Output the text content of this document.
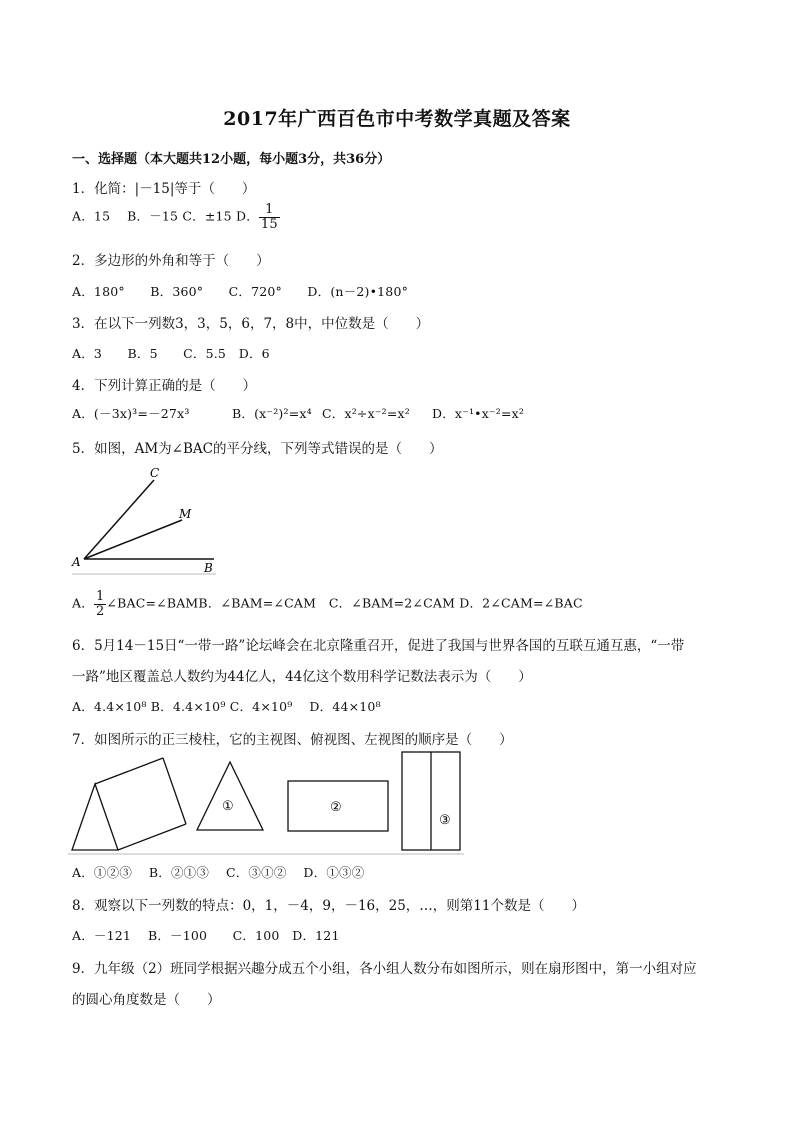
2017年广西百色市中考数学真题及答案
一、选择题（本大题共12小题，每小题3分，共36分）
1．化简：|－15|等于（　　）
A．15　 B．－15 C．±15 D． $\frac{1}{15}$
2．多边形的外角和等于（　　）
A．180°　　B．360°　　C．720°　　D．(n－2)•180°
3．在以下一列数3，3，5，6，7，8中，中位数是（　　）
A．3　　B．5　　C．5.5　D．6
4．下列计算正确的是（　　）
A．(－3x)³=－27x³	B．(x⁻²)²=x⁴ C．x²÷x⁻²=x² D．x⁻¹•x⁻²=x²
5．如图，AM为∠BAC的平分线，下列等式错误的是（　　）
C
M
A	B
A． $\frac{1}{2}$ ∠BAC=∠BAMB．∠BAM=∠CAM　C．∠BAM=2∠CAM D．2∠CAM=∠BAC
6．5月14－15日“一带一路”论坛峰会在北京隆重召开，促进了我国与世界各国的互联互通互惠，“一带
一路”地区覆盖总人数约为44亿人，44亿这个数用科学记数法表示为（　　）
A．4.4×10⁸ B．4.4×10⁹ C．4×10⁹　 D．44×10⁸
7．如图所示的正三棱柱，它的主视图、俯视图、左视图的顺序是（　　）
①	②
③
A．①②③　 B．②①③　 C．③①②　 D．①③②
8．观察以下一列数的特点：0，1，－4，9，－16，25，…，则第11个数是（　　）
A．－121　 B．－100　　C．100　D．121
9．九年级（2）班同学根据兴趣分成五个小组，各小组人数分布如图所示，则在扇形图中，第一小组对应
的圆心角度数是（　　）
